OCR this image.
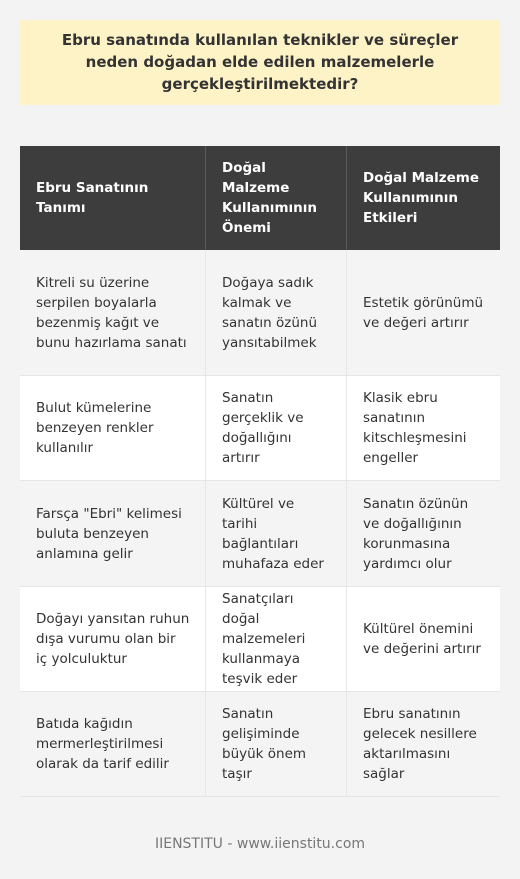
Ebru sanatında kullanılan teknikler ve süreçler neden doğadan elde edilen malzemelerle gerçekleştirilmektedir?
Ebru Sanatının Tanımı
Doğal Malzeme Kullanımının Önemi
Doğal Malzeme Kullanımının Etkileri
Kitreli su üzerine serpilen boyalarla bezenmiş kağıt ve bunu hazırlama sanatı
Doğaya sadık kalmak ve sanatın özünü yansıtabilmek
Estetik görünümü ve değeri artırır
Bulut kümelerine benzeyen renkler kullanılır
Sanatın gerçeklik ve doğallığını artırır
Klasik ebru sanatının kitschleşmesini engeller
Farsça "Ebri" kelimesi buluta benzeyen anlamına gelir
Kültürel ve tarihi bağlantıları muhafaza eder
Sanatın özünün ve doğallığının korunmasına yardımcı olur
Doğayı yansıtan ruhun dışa vurumu olan bir iç yolculuktur
Sanatçıları doğal malzemeleri kullanmaya teşvik eder
Kültürel önemini ve değerini artırır
Batıda kağıdın mermerleştirilmesi olarak da tarif edilir
Sanatın gelişiminde büyük önem taşır
Ebru sanatının gelecek nesillere aktarılmasını sağlar
IIENSTITU - www.iienstitu.com
